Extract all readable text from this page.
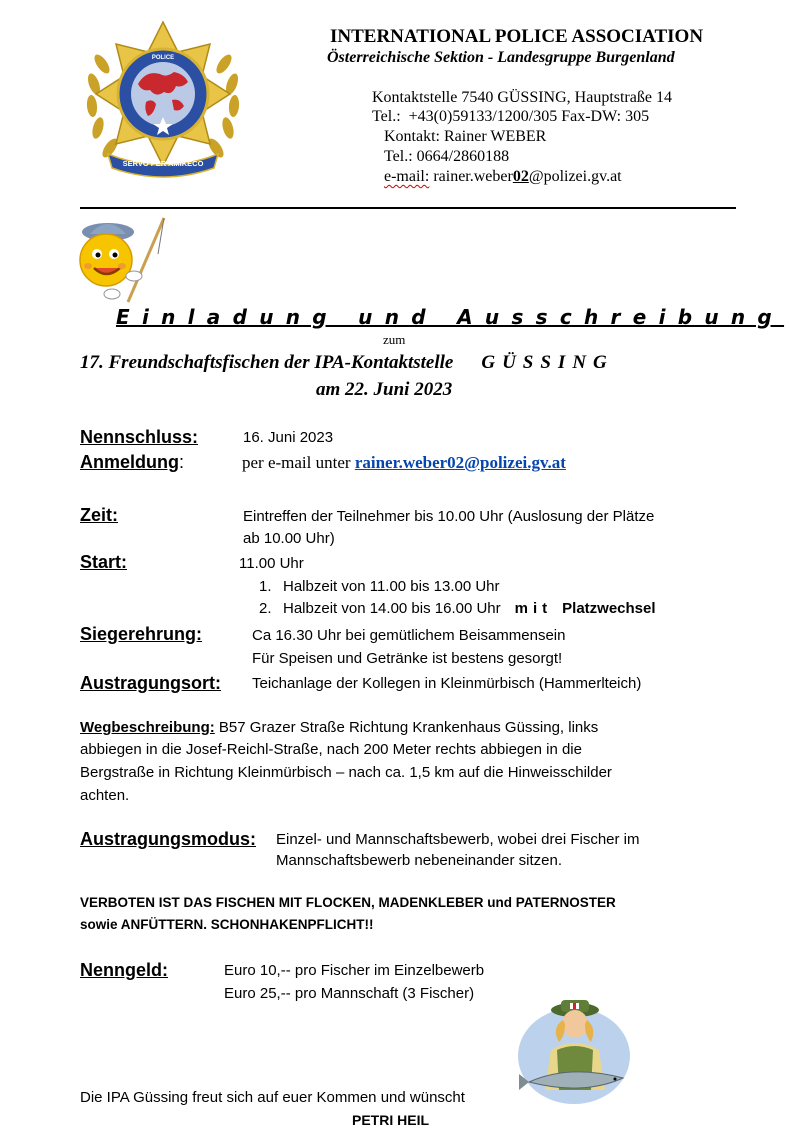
SERVO PER AMIKECO
POLICE
INTERNATIONAL POLICE ASSOCIATION
Österreichische Sektion - Landesgruppe Burgenland
Kontaktstelle 7540 GÜSSING, Hauptstraße 14
Tel.: +43(0)59133/1200/305 Fax-DW: 305
Kontakt: Rainer WEBER
Tel.: 0664/2860188
e-mail: rainer.weber02@polizei.gv.at
Einladung und Ausschreibung
zum
17. Freundschaftsfischen der IPA-Kontaktstelle GÜSSING
am 22. Juni 2023
Nennschluss:	16. Juni 2023
Anmeldung:	per e-mail unter rainer.weber02@polizei.gv.at
Zeit:	Eintreffen der Teilnehmer bis 10.00 Uhr (Auslosung der Plätze
ab 10.00 Uhr)
Start:	11.00 Uhr
1. Halbzeit von 11.00 bis 13.00 Uhr
2. Halbzeit von 14.00 bis 16.00 Uhr mit Platzwechsel
Siegerehrung:	Ca 16.30 Uhr bei gemütlichem Beisammensein
Für Speisen und Getränke ist bestens gesorgt!
Austragungsort: Teichanlage der Kollegen in Kleinmürbisch (Hammerlteich)
Wegbeschreibung: B57 Grazer Straße Richtung Krankenhaus Güssing, links
abbiegen in die Josef-Reichl-Straße, nach 200 Meter rechts abbiegen in die
Bergstraße in Richtung Kleinmürbisch – nach ca. 1,5 km auf die Hinweisschilder
achten.
Austragungsmodus: Einzel- und Mannschaftsbewerb, wobei drei Fischer im
Mannschaftsbewerb nebeneinander sitzen.
VERBOTEN IST DAS FISCHEN MIT FLOCKEN, MADENKLEBER und PATERNOSTER
sowie ANFÜTTERN. SCHONHAKENPFLICHT!!
Nenngeld:	Euro 10,-- pro Fischer im Einzelbewerb
Euro 25,-- pro Mannschaft (3 Fischer)
Die IPA Güssing freut sich auf euer Kommen und wünscht
PETRI HEIL
